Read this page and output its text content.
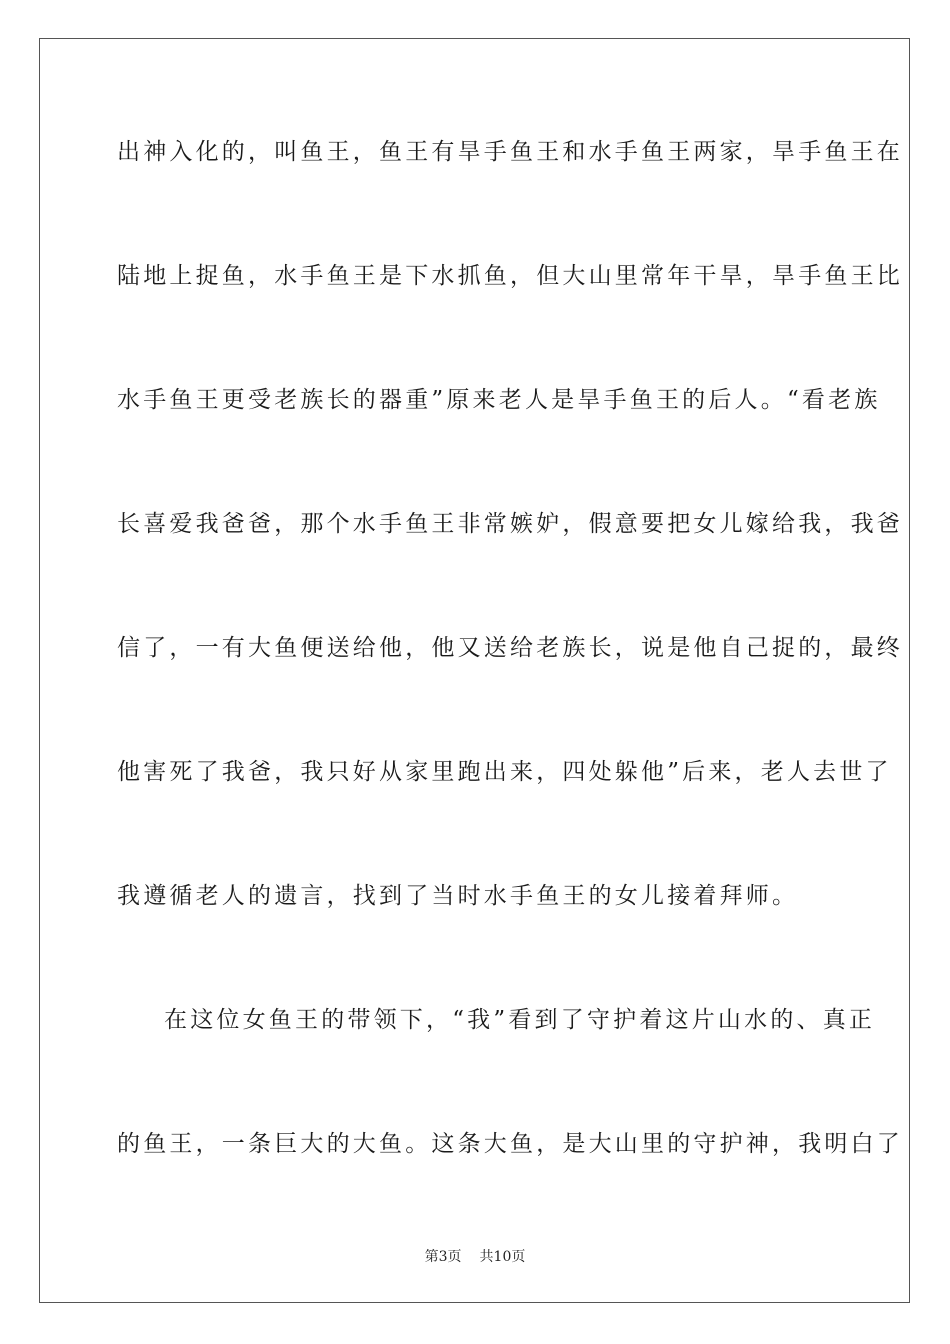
出神入化的，叫鱼王，鱼王有旱手鱼王和水手鱼王两家，旱手鱼王在
陆地上捉鱼，水手鱼王是下水抓鱼，但大山里常年干旱，旱手鱼王比
水手鱼王更受老族长的器重”原来老人是旱手鱼王的后人。“看老族
长喜爱我爸爸，那个水手鱼王非常嫉妒，假意要把女儿嫁给我，我爸
信了，一有大鱼便送给他，他又送给老族长，说是他自己捉的，最终
他害死了我爸，我只好从家里跑出来，四处躲他”后来，老人去世了
我遵循老人的遗言，找到了当时水手鱼王的女儿接着拜师。
在这位女鱼王的带领下，“我”看到了守护着这片山水的、真正
的鱼王，一条巨大的大鱼。这条大鱼，是大山里的守护神，我明白了
第3页 共10页
